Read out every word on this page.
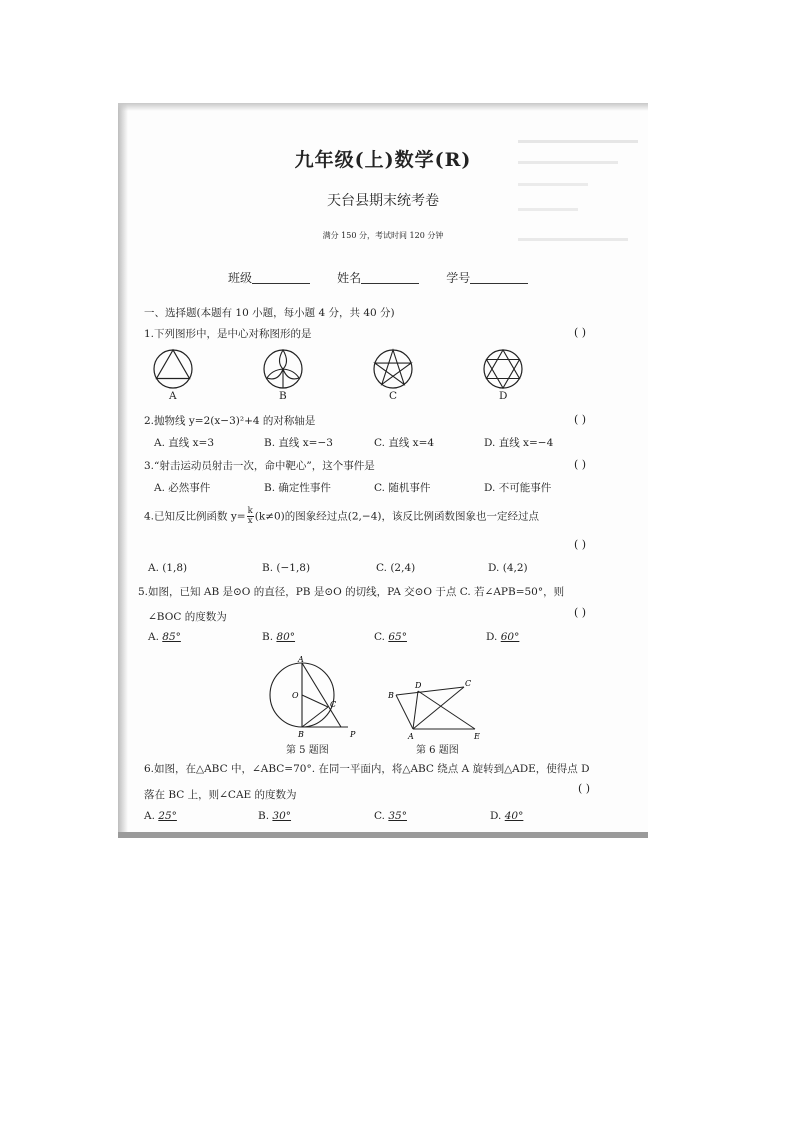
九年级(上)数学(R)
天台县期末统考卷
满分 150 分，考试时间 120 分钟
班级	姓名	学号
一、选择题(本题有 10 小题，每小题 4 分，共 40 分)
1.下列图形中，是中心对称图形的是	( )
A	B	C	D
2.抛物线 y=2(x−3)²+4 的对称轴是	( )
A. 直线 x=3	B. 直线 x=−3	C. 直线 x=4	D. 直线 x=−4
3.“射击运动员射击一次，命中靶心”，这个事件是	( )
A. 必然事件	B. 确定性事件	C. 随机事件	D. 不可能事件
4.已知反比例函数 $y= \frac{k}{x} (k\ne 0)$的图象经过点(2,−4)，该反比例函数图象也一定经过点
( )
A. (1,8)	B. (−1,8)	C. (2,4)	D. (4,2)
5.如图，已知 AB 是⊙O 的直径，PB 是⊙O 的切线，PA 交⊙O 于点 C. 若∠APB=50°，则
∠BOC 的度数为	( )
A. 85°	B. 80°	C. 65°	D. 60°
A
O
C
B	P
第 5 题图
B
D	C
A	E
第 6 题图
6.如图，在△ABC 中，∠ABC=70°. 在同一平面内，将△ABC 绕点 A 旋转到△ADE，使得点 D
落在 BC 上，则∠CAE 的度数为	( )
A. 25°	B. 30°	C. 35°	D. 40°
